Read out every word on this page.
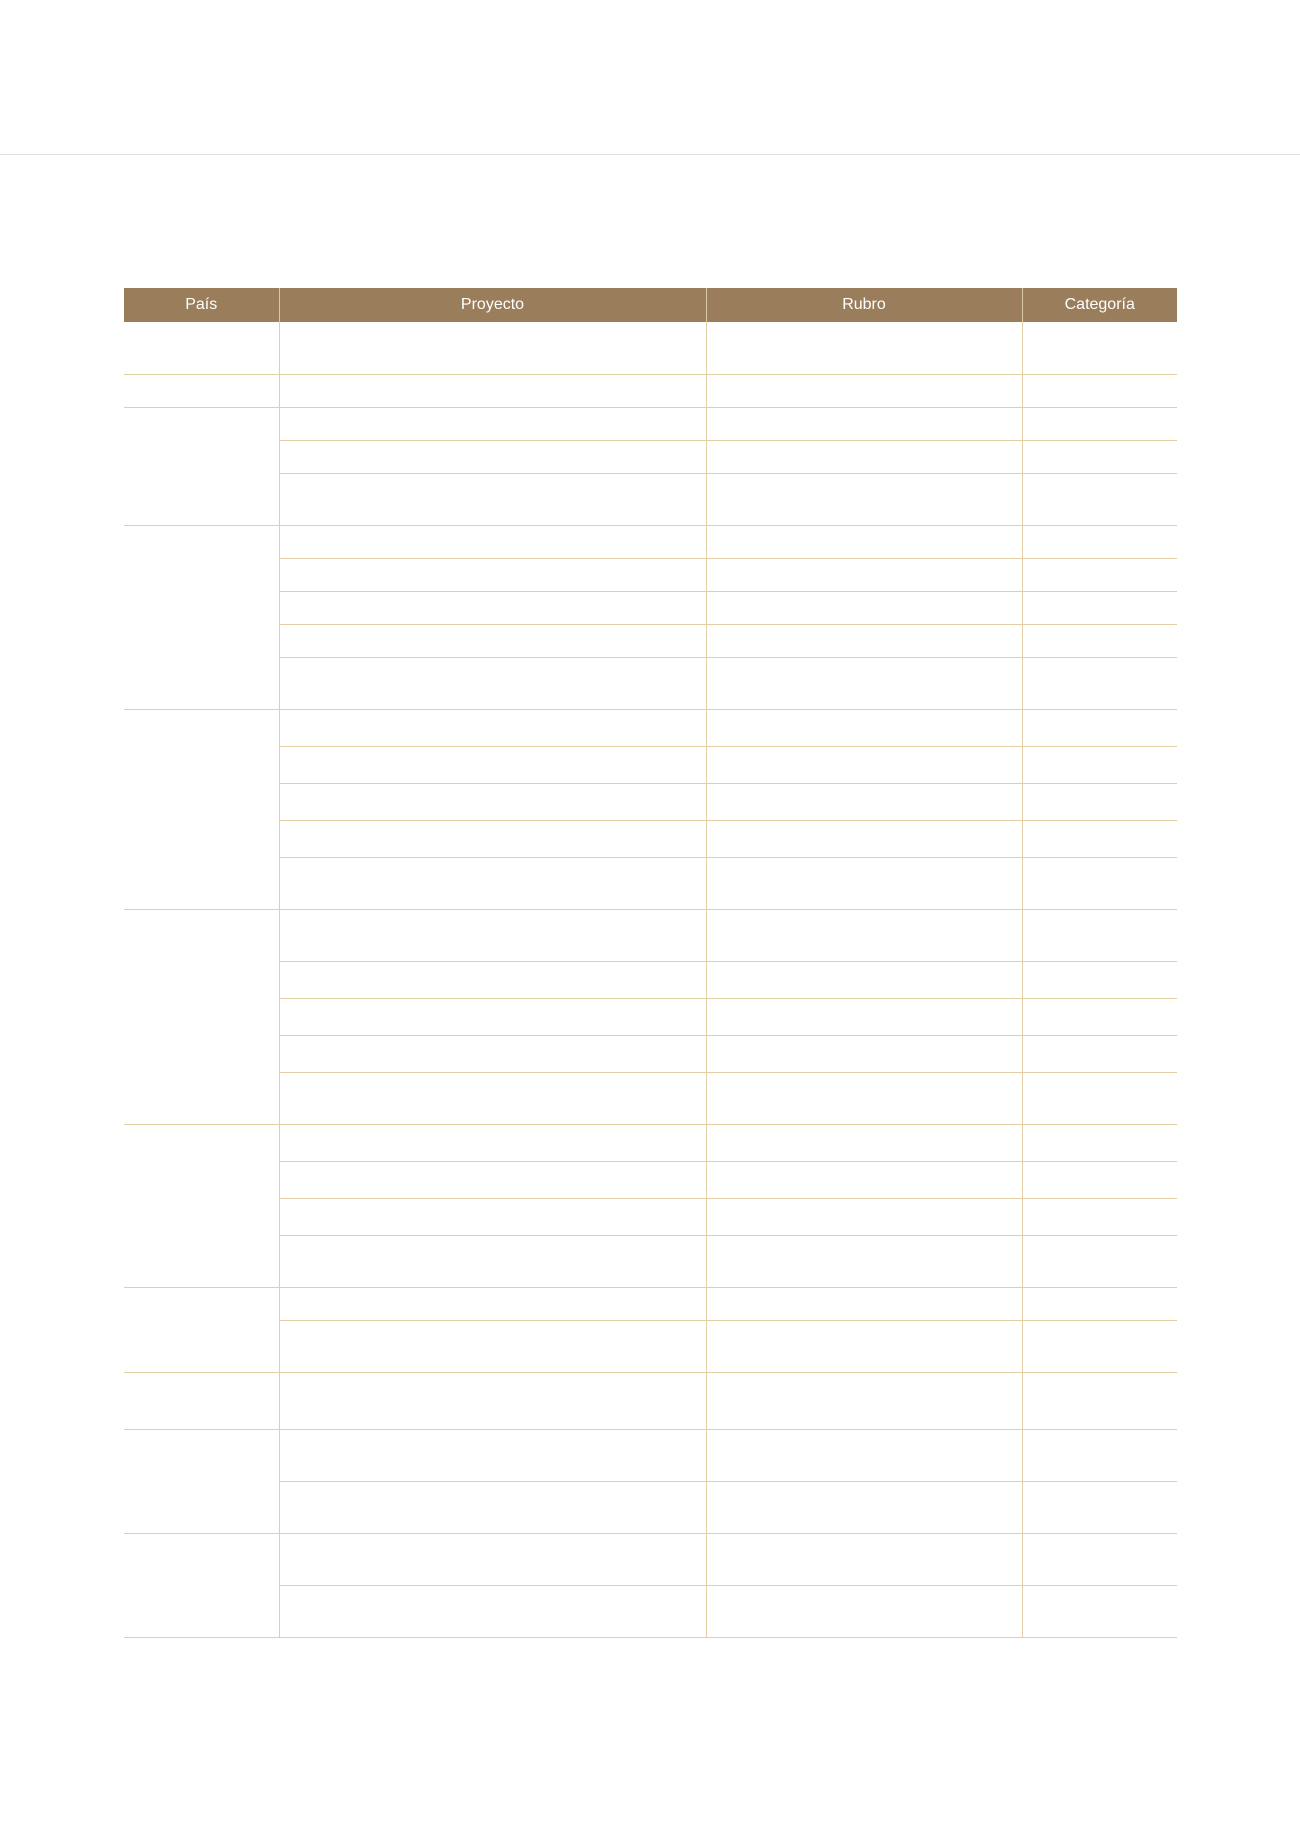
País	Proyecto	Rubro	Categoría
